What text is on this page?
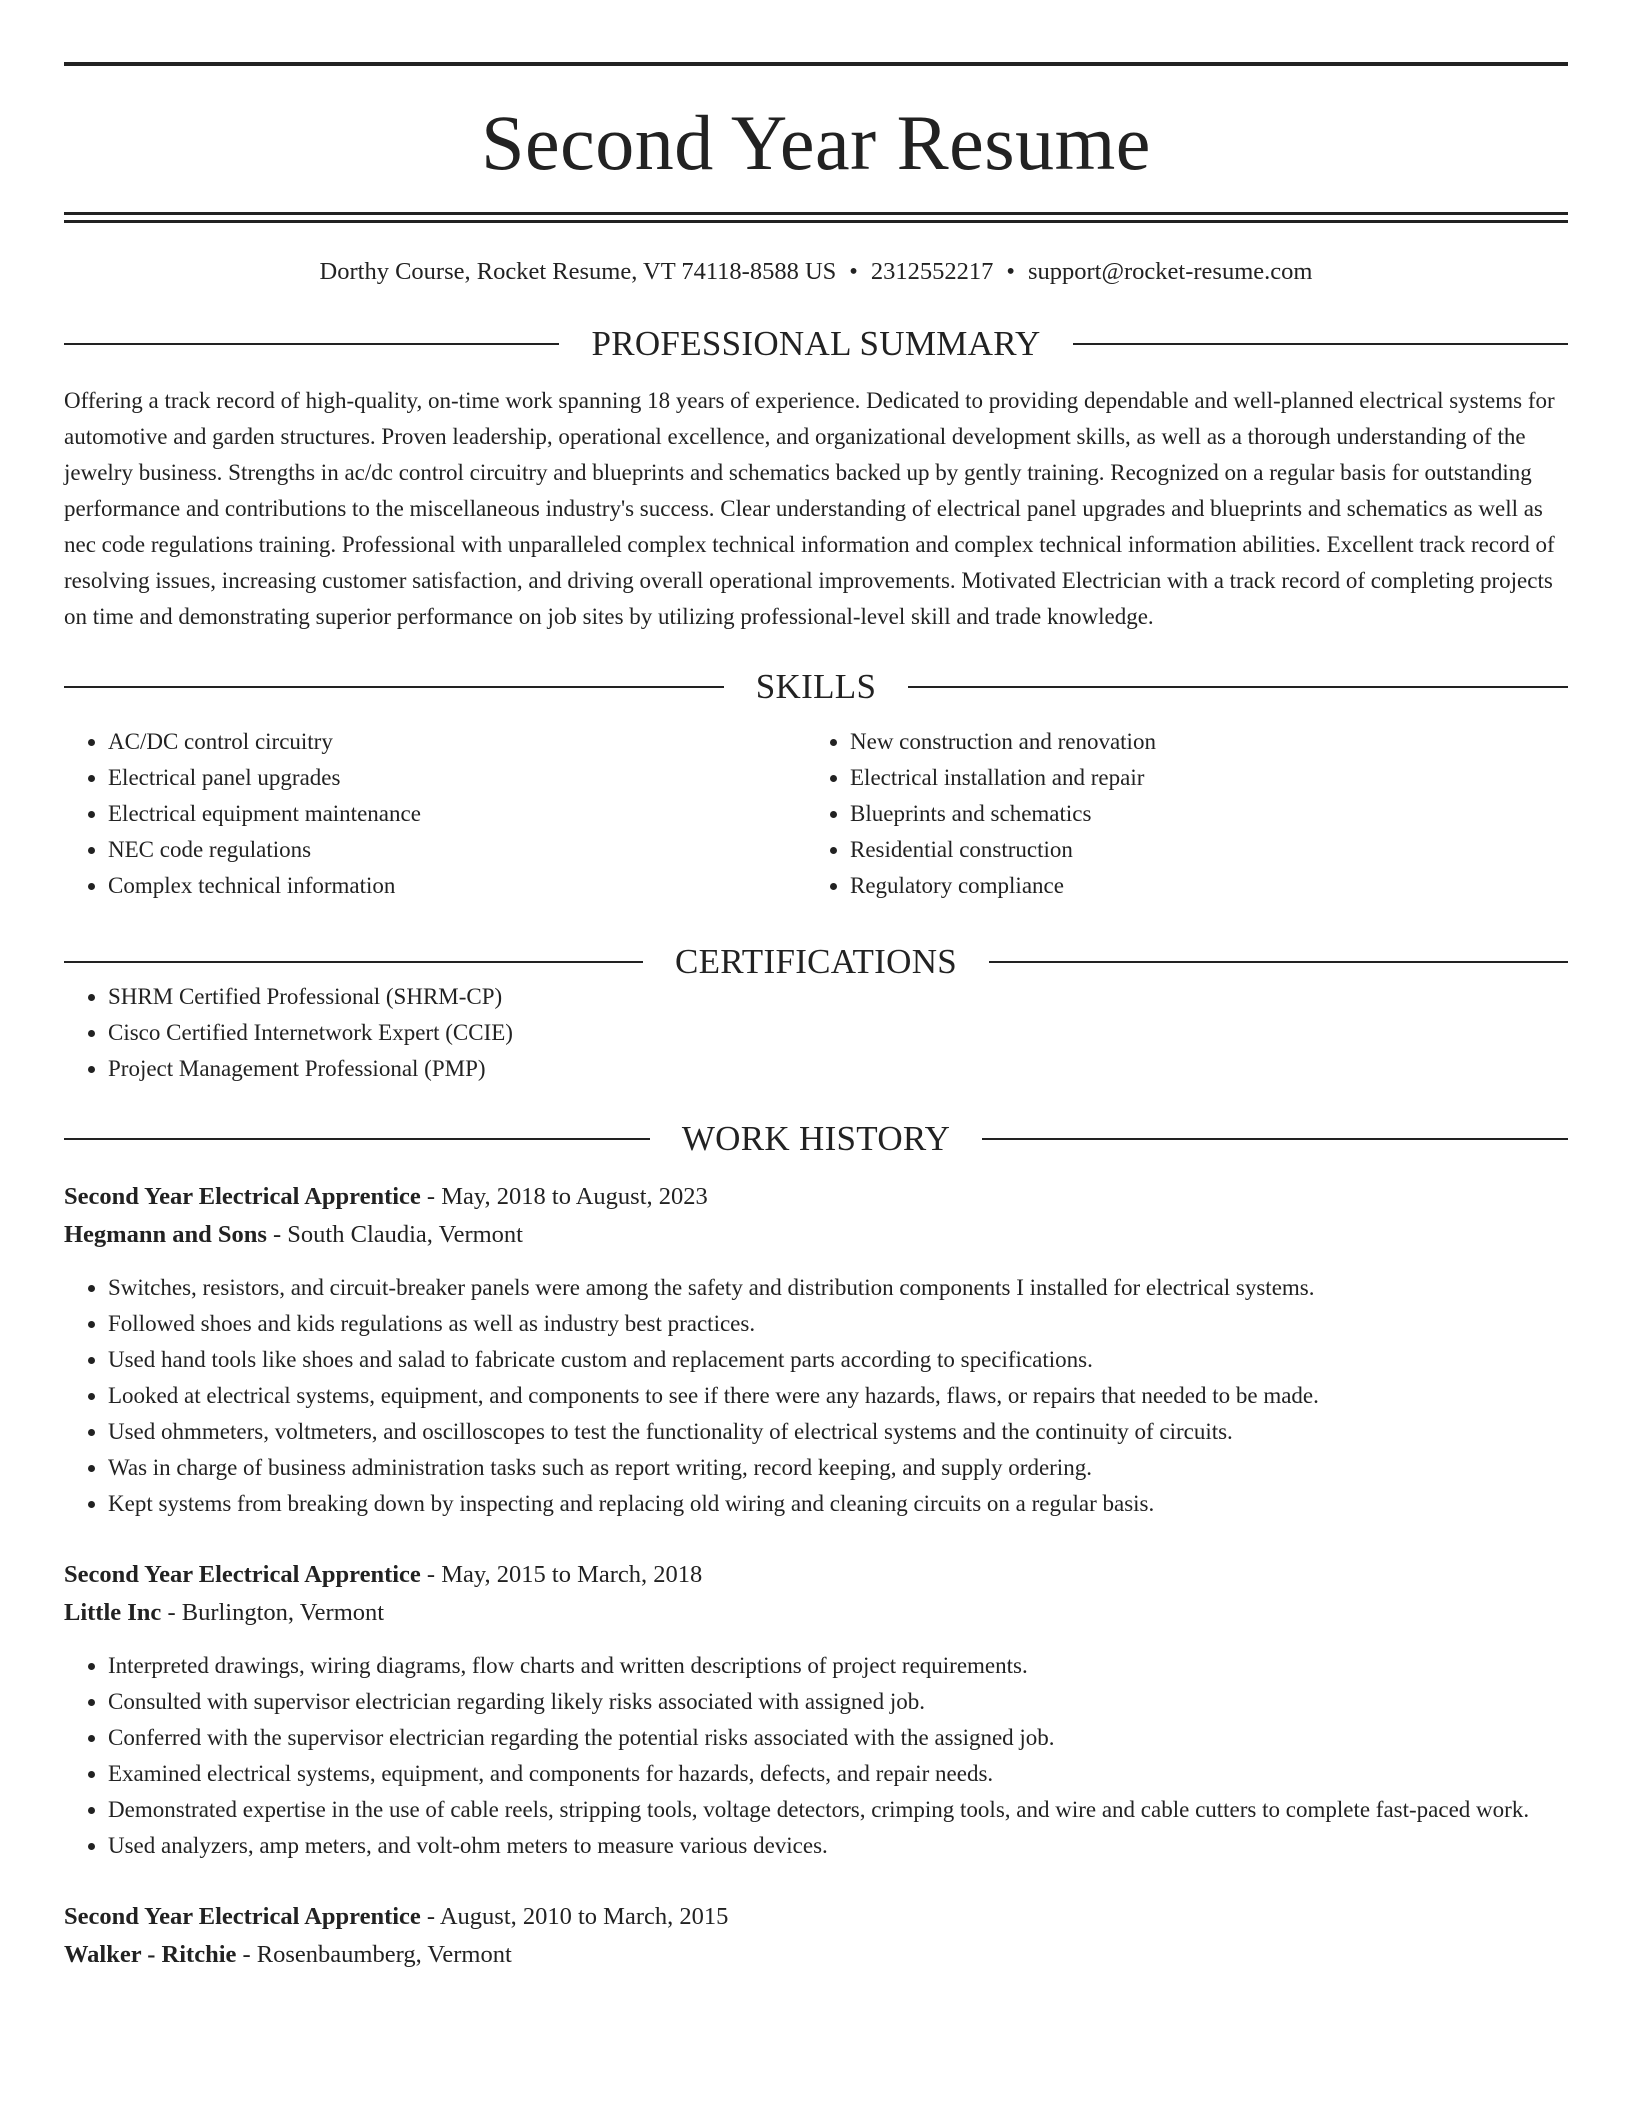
Second Year Resume
Dorthy Course, Rocket Resume, VT 74118-8588 US • 2312552217 • support@rocket-resume.com
PROFESSIONAL SUMMARY

Offering a track record of high-quality, on-time work spanning 18 years of experience. Dedicated to providing dependable and well-planned electrical systems for automotive and garden structures. Proven leadership, operational excellence, and organizational development skills, as well as a thorough understanding of the jewelry business. Strengths in ac/dc control circuitry and blueprints and schematics backed up by gently training. Recognized on a regular basis for outstanding performance and contributions to the miscellaneous industry's success. Clear understanding of electrical panel upgrades and blueprints and schematics as well as nec code regulations training. Professional with unparalleled complex technical information and complex technical information abilities. Excellent track record of resolving issues, increasing customer satisfaction, and driving overall operational improvements. Motivated Electrician with a track record of completing projects on time and demonstrating superior performance on job sites by utilizing professional-level skill and trade knowledge.

SKILLS
• AC/DC control circuitry
• Electrical panel upgrades
• Electrical equipment maintenance
• NEC code regulations
• Complex technical information
• New construction and renovation
• Electrical installation and repair
• Blueprints and schematics
• Residential construction
• Regulatory compliance
CERTIFICATIONS
• SHRM Certified Professional (SHRM-CP)
• Cisco Certified Internetwork Expert (CCIE)
• Project Management Professional (PMP)
WORK HISTORY
Second Year Electrical Apprentice - May, 2018 to August, 2023
Hegmann and Sons - South Claudia, Vermont
• Switches, resistors, and circuit-breaker panels were among the safety and distribution components I installed for electrical systems.
• Followed shoes and kids regulations as well as industry best practices.
• Used hand tools like shoes and salad to fabricate custom and replacement parts according to specifications.
• Looked at electrical systems, equipment, and components to see if there were any hazards, flaws, or repairs that needed to be made.
• Used ohmmeters, voltmeters, and oscilloscopes to test the functionality of electrical systems and the continuity of circuits.
• Was in charge of business administration tasks such as report writing, record keeping, and supply ordering.
• Kept systems from breaking down by inspecting and replacing old wiring and cleaning circuits on a regular basis.
Second Year Electrical Apprentice - May, 2015 to March, 2018
Little Inc - Burlington, Vermont
• Interpreted drawings, wiring diagrams, flow charts and written descriptions of project requirements.
• Consulted with supervisor electrician regarding likely risks associated with assigned job.
• Conferred with the supervisor electrician regarding the potential risks associated with the assigned job.
• Examined electrical systems, equipment, and components for hazards, defects, and repair needs.
• Demonstrated expertise in the use of cable reels, stripping tools, voltage detectors, crimping tools, and wire and cable cutters to complete fast-paced work.
• Used analyzers, amp meters, and volt-ohm meters to measure various devices.
Second Year Electrical Apprentice - August, 2010 to March, 2015
Walker - Ritchie - Rosenbaumberg, Vermont
